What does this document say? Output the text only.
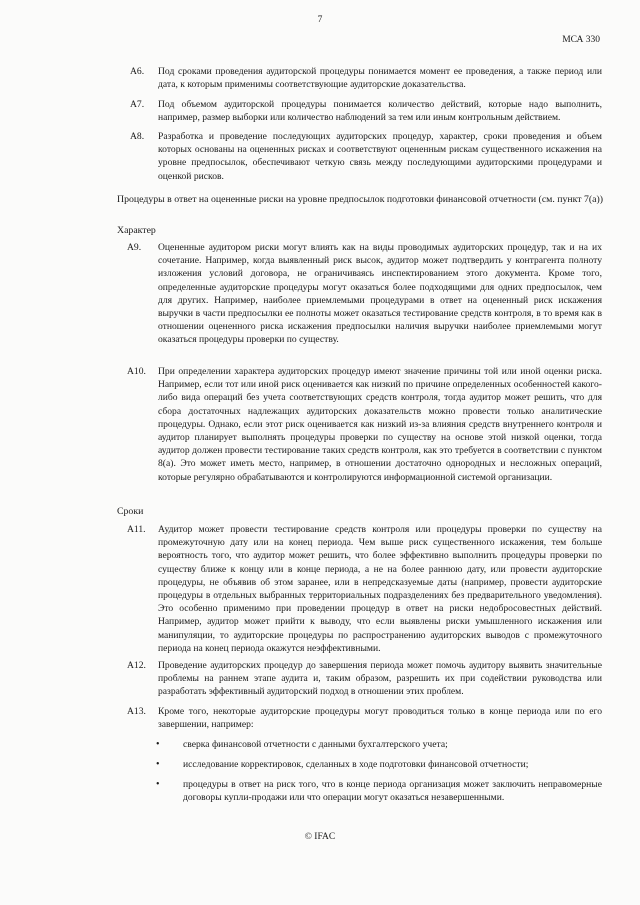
7
МСА 330
A6. Под сроками проведения аудиторской процедуры понимается момент ее проведения, а также период или дата, к которым применимы соответствующие аудиторские доказательства.
A7. Под объемом аудиторской процедуры понимается количество действий, которые надо выполнить, например, размер выборки или количество наблюдений за тем или иным контрольным действием.
A8. Разработка и проведение последующих аудиторских процедур, характер, сроки проведения и объем которых основаны на оцененных рисках и соответствуют оцененным рискам существенного искажения на уровне предпосылок, обеспечивают четкую связь между последующими аудиторскими процедурами и оценкой рисков.
Процедуры в ответ на оцененные риски на уровне предпосылок подготовки финансовой отчетности (см. пункт 7(a))
Характер
A9. Оцененные аудитором риски могут влиять как на виды проводимых аудиторских процедур, так и на их сочетание. Например, когда выявленный риск высок, аудитор может подтвердить у контрагента полноту изложения условий договора, не ограничиваясь инспектированием этого документа. Кроме того, определенные аудиторские процедуры могут оказаться более подходящими для одних предпосылок, чем для других. Например, наиболее приемлемыми процедурами в ответ на оцененный риск искажения выручки в части предпосылки ее полноты может оказаться тестирование средств контроля, в то время как в отношении оцененного риска искажения предпосылки наличия выручки наиболее приемлемыми могут оказаться процедуры проверки по существу.
A10. При определении характера аудиторских процедур имеют значение причины той или иной оценки риска. Например, если тот или иной риск оценивается как низкий по причине определенных особенностей какого-либо вида операций без учета соответствующих средств контроля, тогда аудитор может решить, что для сбора достаточных надлежащих аудиторских доказательств можно провести только аналитические процедуры. Однако, если этот риск оценивается как низкий из-за влияния средств внутреннего контроля и аудитор планирует выполнять процедуры проверки по существу на основе этой низкой оценки, тогда аудитор должен провести тестирование таких средств контроля, как это требуется в соответствии с пунктом 8(a). Это может иметь место, например, в отношении достаточно однородных и несложных операций, которые регулярно обрабатываются и контролируются информационной системой организации.
Сроки
A11. Аудитор может провести тестирование средств контроля или процедуры проверки по существу на промежуточную дату или на конец периода. Чем выше риск существенного искажения, тем больше вероятность того, что аудитор может решить, что более эффективно выполнить процедуры проверки по существу ближе к концу или в конце периода, а не на более раннюю дату, или провести аудиторские процедуры, не объявив об этом заранее, или в непредсказуемые даты (например, провести аудиторские процедуры в отдельных выбранных территориальных подразделениях без предварительного уведомления). Это особенно применимо при проведении процедур в ответ на риски недобросовестных действий. Например, аудитор может прийти к выводу, что если выявлены риски умышленного искажения или манипуляции, то аудиторские процедуры по распространению аудиторских выводов с промежуточного периода на конец периода окажутся неэффективными.
A12. Проведение аудиторских процедур до завершения периода может помочь аудитору выявить значительные проблемы на раннем этапе аудита и, таким образом, разрешить их при содействии руководства или разработать эффективный аудиторский подход в отношении этих проблем.
A13. Кроме того, некоторые аудиторские процедуры могут проводиться только в конце периода или по его завершении, например:
• сверка финансовой отчетности с данными бухгалтерского учета;
• исследование корректировок, сделанных в ходе подготовки финансовой отчетности;
• процедуры в ответ на риск того, что в конце периода организация может заключить неправомерные договоры купли-продажи или что операции могут оказаться незавершенными.
© IFAC
